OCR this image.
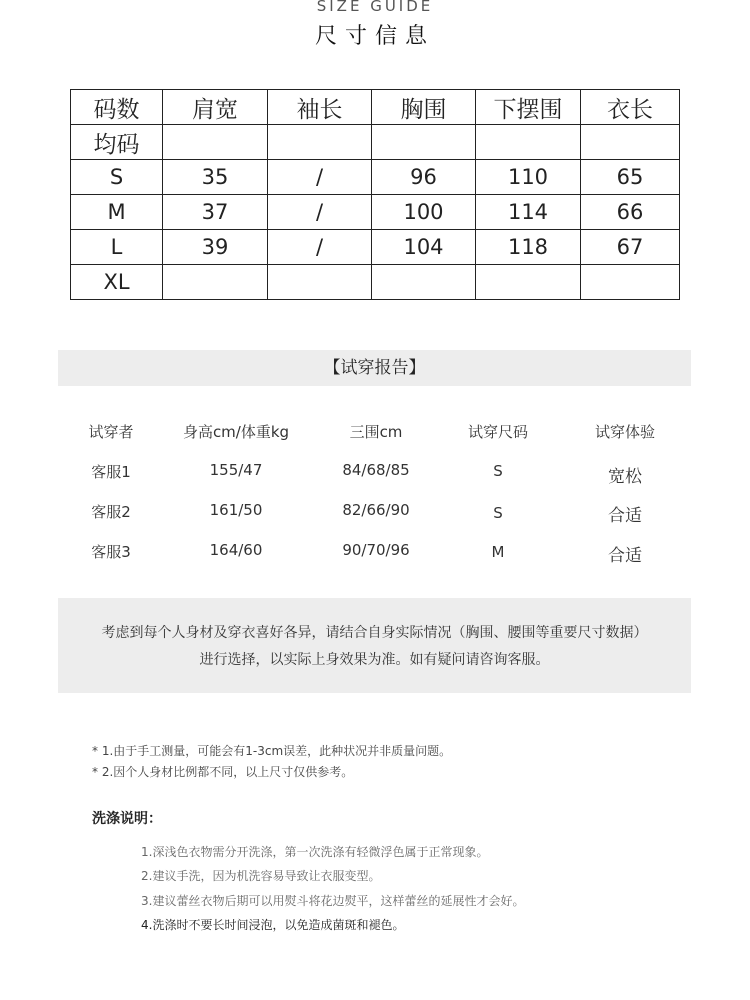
SIZE GUIDE
尺寸信息
码数	肩宽	袖长	胸围	下摆围	衣长
均码					
S	35	/	96	110	65
M	37	/	100	114	66
L	39	/	104	118	67
XL					
【试穿报告】
试穿者	身高cm/体重kg	三围cm	试穿尺码	试穿体验
客服1	155/47	84/68/85	S	宽松
客服2	161/50	82/66/90	S	合适
客服3	164/60	90/70/96	M	合适
考虑到每个人身材及穿衣喜好各异，请结合自身实际情况（胸围、腰围等重要尺寸数据）
进行选择，以实际上身效果为准。如有疑问请咨询客服。
* 1.由于手工测量，可能会有1-3cm误差，此种状况并非质量问题。
* 2.因个人身材比例都不同，以上尺寸仅供参考。
洗涤说明：
1.深浅色衣物需分开洗涤，第一次洗涤有轻微浮色属于正常现象。
2.建议手洗，因为机洗容易导致让衣服变型。
3.建议蕾丝衣物后期可以用熨斗将花边熨平，这样蕾丝的延展性才会好。
4.洗涤时不要长时间浸泡，以免造成菌斑和褪色。
